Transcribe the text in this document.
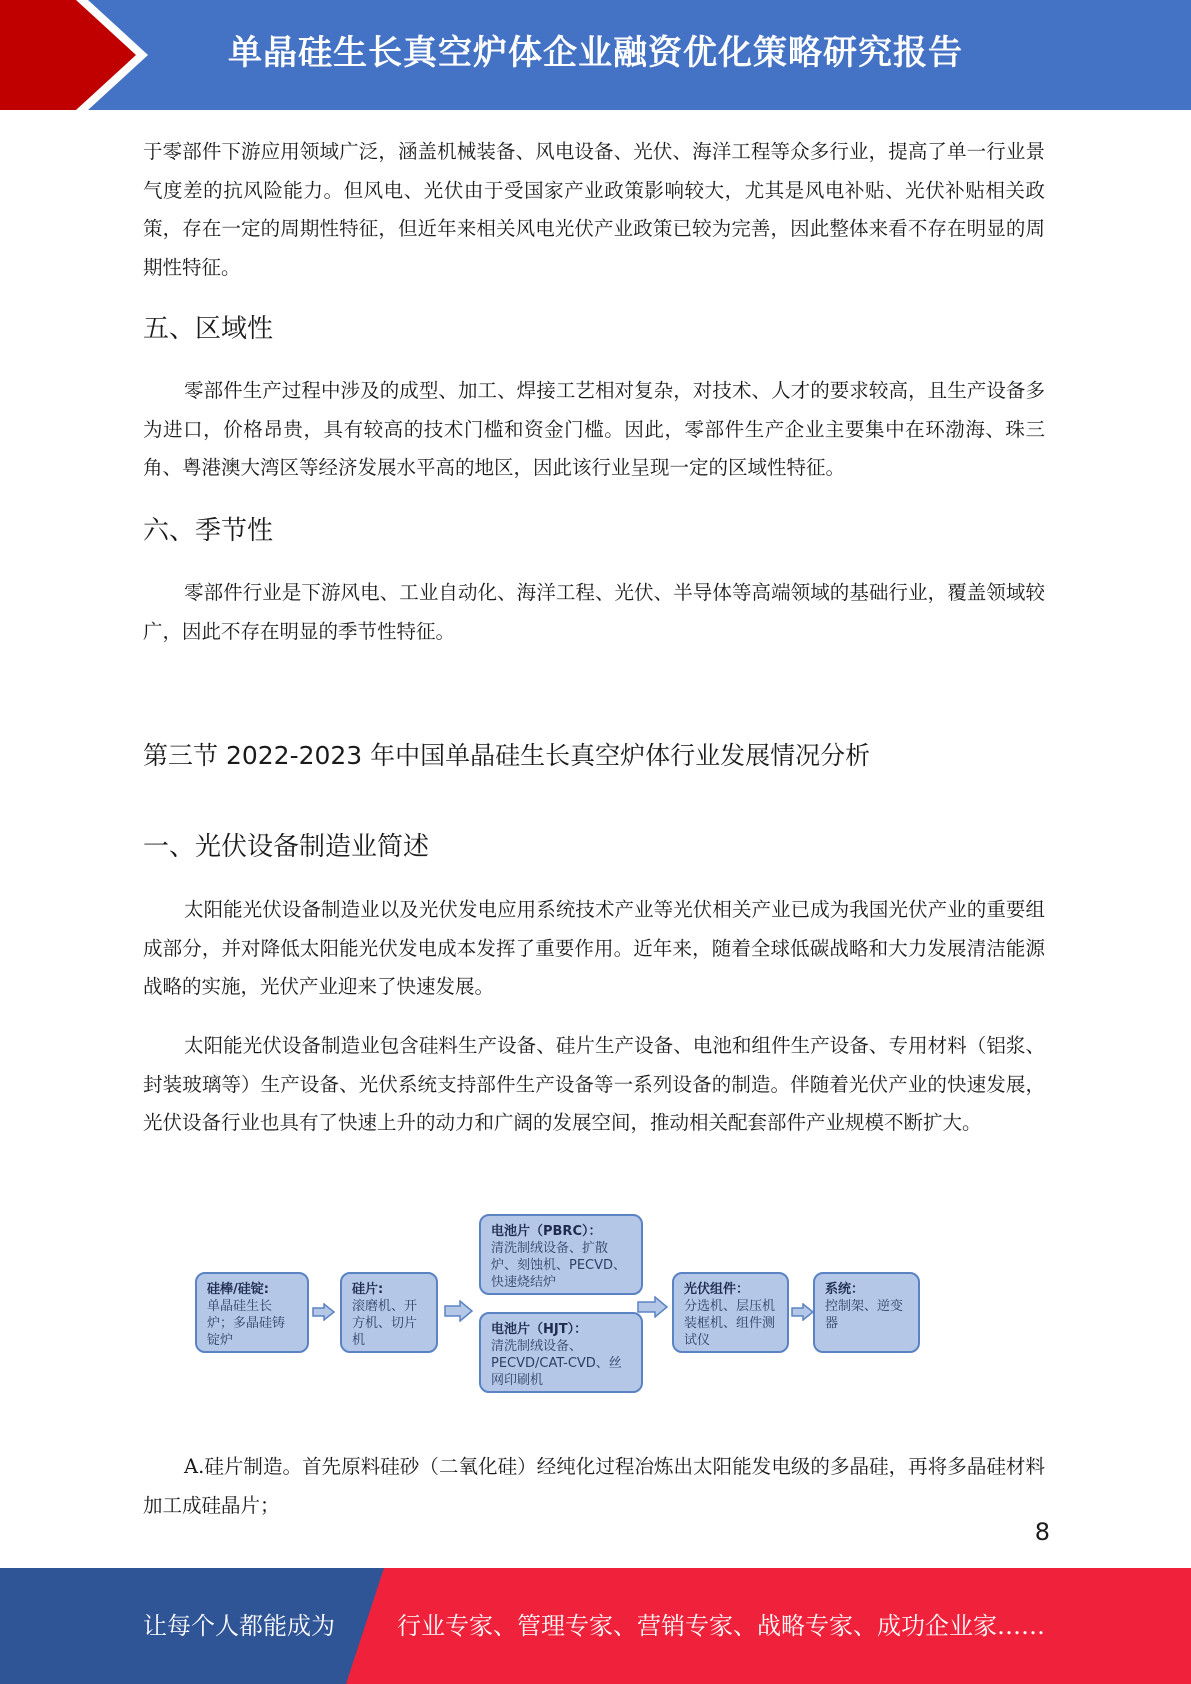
单晶硅生长真空炉体企业融资优化策略研究报告

于零部件下游应用领域广泛，涵盖机械装备、风电设备、光伏、海洋工程等众多行业，提高了单一行业景气度差的抗风险能力。但风电、光伏由于受国家产业政策影响较大，尤其是风电补贴、光伏补贴相关政策，存在一定的周期性特征，但近年来相关风电光伏产业政策已较为完善，因此整体来看不存在明显的周期性特征。

五、区域性

零部件生产过程中涉及的成型、加工、焊接工艺相对复杂，对技术、人才的要求较高，且生产设备多为进口，价格昂贵，具有较高的技术门槛和资金门槛。因此，零部件生产企业主要集中在环渤海、珠三角、粤港澳大湾区等经济发展水平高的地区，因此该行业呈现一定的区域性特征。

六、季节性

零部件行业是下游风电、工业自动化、海洋工程、光伏、半导体等高端领域的基础行业，覆盖领域较广，因此不存在明显的季节性特征。

第三节 2022-2023 年中国单晶硅生长真空炉体行业发展情况分析
一、光伏设备制造业简述

太阳能光伏设备制造业以及光伏发电应用系统技术产业等光伏相关产业已成为我国光伏产业的重要组成部分，并对降低太阳能光伏发电成本发挥了重要作用。近年来，随着全球低碳战略和大力发展清洁能源战略的实施，光伏产业迎来了快速发展。

太阳能光伏设备制造业包含硅料生产设备、硅片生产设备、电池和组件生产设备、专用材料（铝浆、封装玻璃等）生产设备、光伏系统支持部件生产设备等一系列设备的制造。伴随着光伏产业的快速发展，光伏设备行业也具有了快速上升的动力和广阔的发展空间，推动相关配套部件产业规模不断扩大。

硅棒/硅锭:
单晶硅生长炉；多晶硅铸锭炉
硅片:
滚磨机、开方机、切片机
电池片（PBRC）：
清洗制绒设备、扩散炉、刻蚀机、PECVD、快速烧结炉
电池片（HJT）：
清洗制绒设备、PECVD/CAT-CVD、丝网印刷机
光伏组件：
分选机、层压机装框机、组件测试仪
系统：
控制架、逆变器

A.硅片制造。首先原料硅砂（二氧化硅）经纯化过程冶炼出太阳能发电级的多晶硅，再将多晶硅材料加工成硅晶片；

8
让每个人都能成为	行业专家、管理专家、营销专家、战略专家、成功企业家……
